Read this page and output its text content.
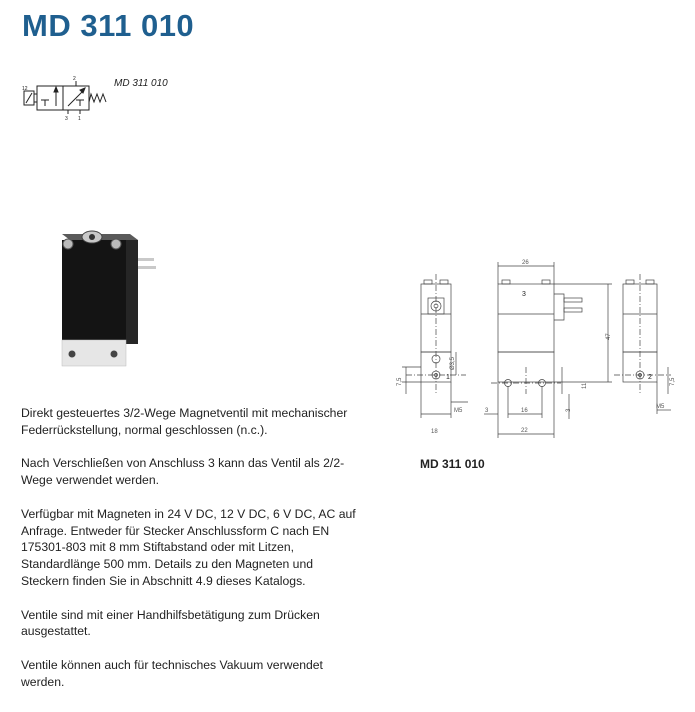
MD 311 010
2
3 1
12	MD 311 010
26
47
7,5
16
22
M5
18
3
11
3
M5
7,5
Ø3,5
3
1	2
MD 311 010

Direkt gesteuertes 3/2-Wege Magnetventil mit mechanischer Federrückstellung, normal geschlossen (n.c.).

Nach Verschließen von Anschluss 3 kann das Ventil als 2/2-Wege verwendet werden.

Verfügbar mit Magneten in 24 V DC, 12 V DC, 6 V DC, AC auf Anfrage. Entweder für Stecker Anschlussform C nach EN 175301-803 mit 8 mm Stiftabstand oder mit Litzen, Standardlänge 500 mm. Details zu den Magneten und Steckern finden Sie in Abschnitt 4.9 dieses Katalogs.

Ventile sind mit einer Handhilfsbetätigung zum Drücken ausgestattet.

Ventile können auch für technisches Vakuum verwendet werden.
